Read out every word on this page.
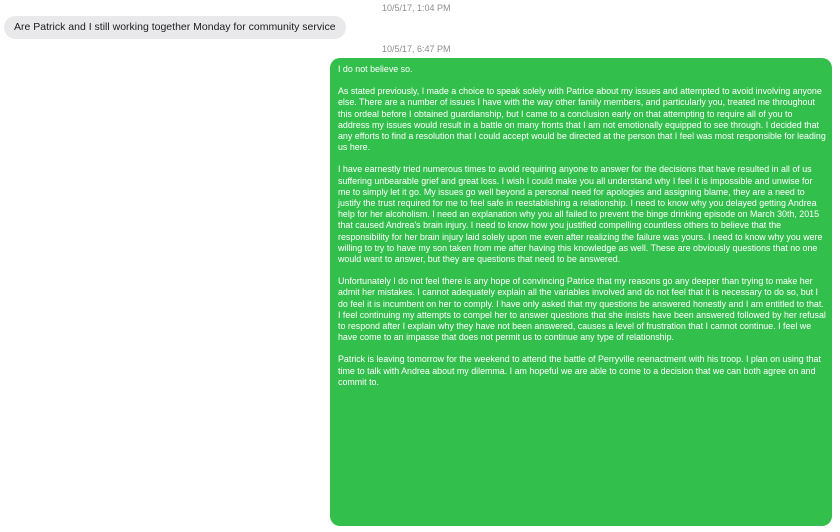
10/5/17, 1:04 PM
Are Patrick and I still working together Monday for community service
10/5/17, 6:47 PM

I do not believe so.

As stated previously, I made a choice to speak solely with Patrice about my issues and attempted to avoid involving anyone else. There are a number of issues I have with the way other family members, and particularly you, treated me throughout this ordeal before I obtained guardianship, but I came to a conclusion early on that attempting to require all of you to address my issues would result in a battle on many fronts that I am not emotionally equipped to see through. I decided that any efforts to find a resolution that I could accept would be directed at the person that I feel was most responsible for leading us here.

I have earnestly tried numerous times to avoid requiring anyone to answer for the decisions that have resulted in all of us suffering unbearable grief and great loss. I wish I could make you all understand why I feel it is impossible and unwise for me to simply let it go. My issues go well beyond a personal need for apologies and assigning blame, they are a need to justify the trust required for me to feel safe in reestablishing a relationship. I need to know why you delayed getting Andrea help for her alcoholism. I need an explanation why you all failed to prevent the binge drinking episode on March 30th, 2015 that caused Andrea's brain injury. I need to know how you justified compelling countless others to believe that the responsibility for her brain injury laid solely upon me even after realizing the failure was yours. I need to know why you were willing to try to have my son taken from me after having this knowledge as well. These are obviously questions that no one would want to answer, but they are questions that need to be answered.

Unfortunately I do not feel there is any hope of convincing Patrice that my reasons go any deeper than trying to make her admit her mistakes. I cannot adequately explain all the variables involved and do not feel that it is necessary to do so, but I do feel it is incumbent on her to comply. I have only asked that my questions be answered honestly and I am entitled to that. I feel continuing my attempts to compel her to answer questions that she insists have been answered followed by her refusal to respond after I explain why they have not been answered, causes a level of frustration that I cannot continue. I feel we have come to an impasse that does not permit us to continue any type of relationship.

Patrick is leaving tomorrow for the weekend to attend the battle of Perryville reenactment with his troop. I plan on using that time to talk with Andrea about my dilemma. I am hopeful we are able to come to a decision that we can both agree on and commit to.
